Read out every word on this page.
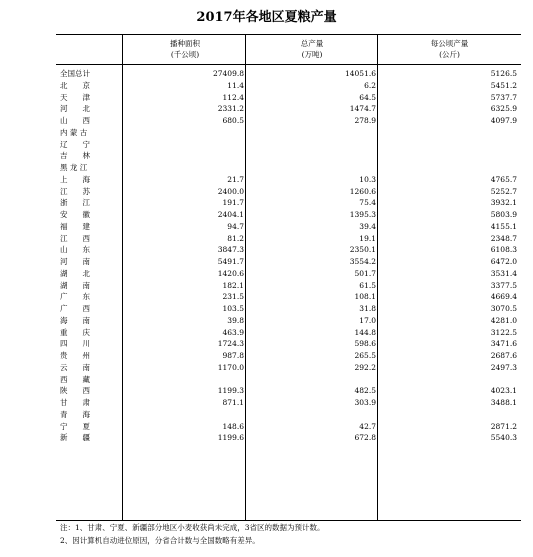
2017年各地区夏粮产量
播种面积
(千公顷)
总产量
(万吨)
每公顷产量
(公斤)
全国总计	27409.8	14051.6	5126.5
北　　京	11.4	6.2	5451.2
天　　津	112.4	64.5	5737.7
河　　北	2331.2	1474.7	6325.9
山　　西	680.5	278.9	4097.9
内 蒙 古
辽　　宁
吉　　林
黑 龙 江
上　　海	21.7	10.3	4765.7
江　　苏	2400.0	1260.6	5252.7
浙　　江	191.7	75.4	3932.1
安　　徽	2404.1	1395.3	5803.9
福　　建	94.7	39.4	4155.1
江　　西	81.2	19.1	2348.7
山　　东	3847.3	2350.1	6108.3
河　　南	5491.7	3554.2	6472.0
湖　　北	1420.6	501.7	3531.4
湖　　南	182.1	61.5	3377.5
广　　东	231.5	108.1	4669.4
广　　西	103.5	31.8	3070.5
海　　南	39.8	17.0	4281.0
重　　庆	463.9	144.8	3122.5
四　　川	1724.3	598.6	3471.6
贵　　州	987.8	265.5	2687.6
云　　南	1170.0	292.2	2497.3
西　　藏
陕　　西	1199.3	482.5	4023.1
甘　　肃	871.1	303.9	3488.1
青　　海
宁　　夏	148.6	42.7	2871.2
新　　疆	1199.6	672.8	5540.3
注：1、甘肃、宁夏、新疆部分地区小麦收获尚未完成，3省区的数据为预计数。
2、因计算机自动进位原因，分省合计数与全国数略有差异。
